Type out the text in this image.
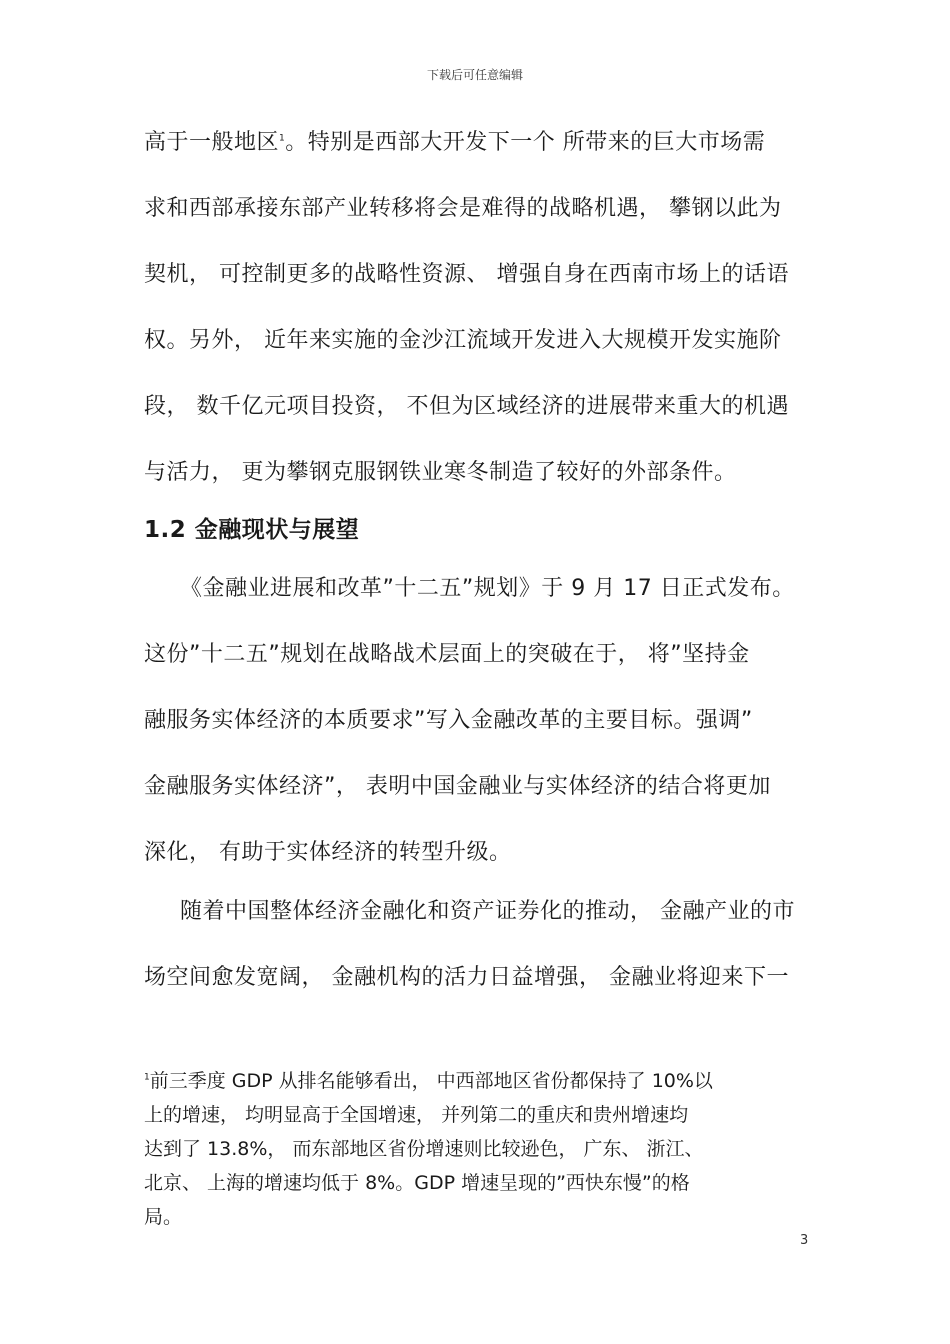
下载后可任意编辑
高于一般地区$^1$。特别是西部大开发下一个 所带来的巨大市场需
求和西部承接东部产业转移将会是难得的战略机遇， 攀钢以此为
契机， 可控制更多的战略性资源、 增强自身在西南市场上的话语
权。另外， 近年来实施的金沙江流域开发进入大规模开发实施阶
段， 数千亿元项目投资， 不但为区域经济的进展带来重大的机遇
与活力， 更为攀钢克服钢铁业寒冬制造了较好的外部条件。
1.2 金融现状与展望
《金融业进展和改革”十二五”规划》于 9 月 17 日正式发布。
这份”十二五”规划在战略战术层面上的突破在于， 将”坚持金
融服务实体经济的本质要求”写入金融改革的主要目标。强调”
金融服务实体经济”， 表明中国金融业与实体经济的结合将更加
深化， 有助于实体经济的转型升级。
随着中国整体经济金融化和资产证券化的推动， 金融产业的市
场空间愈发宽阔， 金融机构的活力日益增强， 金融业将迎来下一
$^1$前三季度 GDP 从排名能够看出， 中西部地区省份都保持了 10%以
上的增速， 均明显高于全国增速， 并列第二的重庆和贵州增速均
达到了 13.8%， 而东部地区省份增速则比较逊色， 广东、 浙江、
北京、 上海的增速均低于 8%。GDP 增速呈现的”西快东慢”的格
局。
3
